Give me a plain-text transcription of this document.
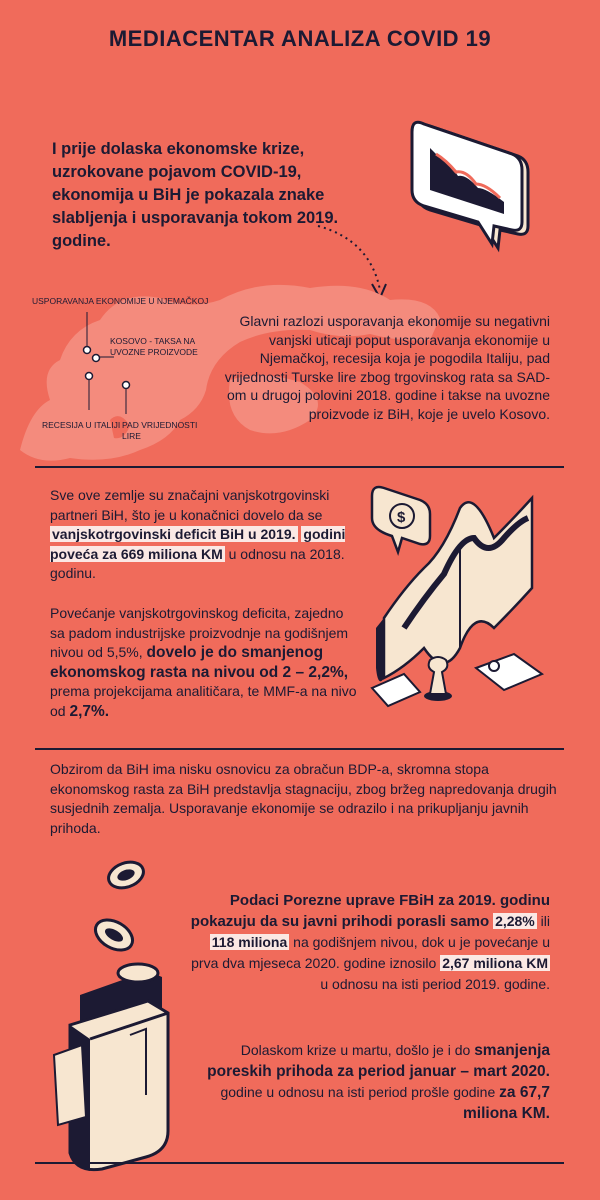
MEDIACENTAR ANALIZA COVID 19
I prije dolaska ekonomske krize, uzrokovane pojavom COVID-19, ekonomija u BiH je pokazala znake slabljenja i usporavanja tokom 2019. godine.
USPORAVANJA EKONOMIJE U NJEMAČKOJ
KOSOVO - TAKSA NA
UVOZNE PROIZVODE
RECESIJA U ITALIJI PAD VRIJEDNOSTI
LIRE
Glavni razlozi usporavanja ekonomije su negativni vanjski uticaji poput usporavanja ekonomije u Njemačkoj, recesija koja je pogodila Italiju, pad vrijednosti Turske lire zbog trgovinskog rata sa SAD-om u drugoj polovini 2018. godine i takse na uvozne proizvode iz BiH, koje je uvelo Kosovo.
Sve ove zemlje su značajni vanjskotrgovinski partneri BiH, što je u konačnici dovelo da se vanjskotrgovinski deficit BiH u 2019. godini poveća za 669 miliona KM u odnosu na 2018. godinu.
Povećanje vanjskotrgovinskog deficita, zajedno sa padom industrijske proizvodnje na godišnjem nivou od 5,5%, dovelo je do smanjenog ekonomskog rasta na nivou od 2 – 2,2%, prema projekcijama analitičara, te MMF-a na nivo od 2,7%.
$
Obzirom da BiH ima nisku osnovicu za obračun BDP-a, skromna stopa ekonomskog rasta za BiH predstavlja stagnaciju, zbog bržeg napredovanja drugih susjednih zemalja. Usporavanje ekonomije se odrazilo i na prikupljanju javnih prihoda.
Podaci Porezne uprave FBiH za 2019. godinu pokazuju da su javni prihodi porasli samo 2,28% ili 118 miliona na godišnjem nivou, dok u je povećanje u prva dva mjeseca 2020. godine iznosilo 2,67 miliona KM u odnosu na isti period 2019. godine.
Dolaskom krize u martu, došlo je i do smanjenja poreskih prihoda za period januar – mart 2020. godine u odnosu na isti period prošle godine za 67,7 miliona KM.
